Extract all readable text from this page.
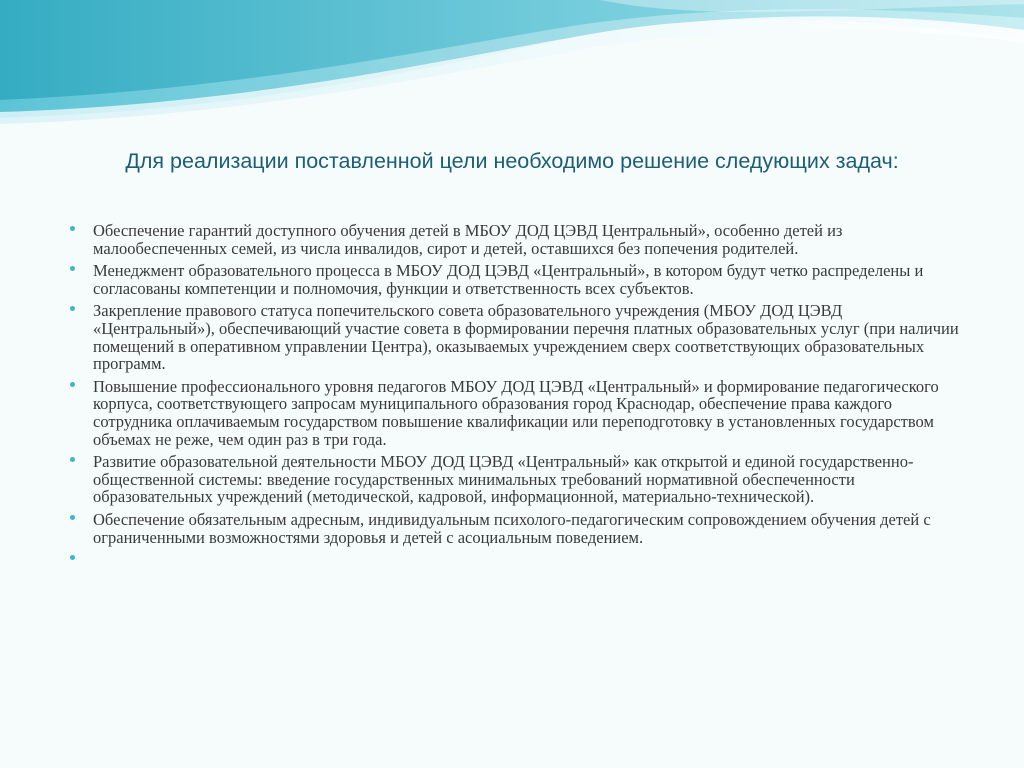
Для реализации поставленной цели необходимо решение следующих задач:
Обеспечение гарантий доступного обучения детей в МБОУ ДОД ЦЭВД Центральный», особенно детей из малообеспеченных семей, из числа инвалидов, сирот и детей, оставшихся без попечения родителей.
Менеджмент образовательного процесса в МБОУ ДОД ЦЭВД «Центральный», в котором будут четко распределены и согласованы компетенции и полномочия, функции и ответственность всех субъектов.
Закрепление правового статуса попечительского совета образовательного учреждения (МБОУ ДОД ЦЭВД «Центральный»), обеспечивающий участие совета в формировании перечня платных образовательных услуг (при наличии помещений в оперативном управлении Центра), оказываемых учреждением сверх соответствующих образовательных программ.
Повышение профессионального уровня педагогов МБОУ ДОД ЦЭВД «Центральный» и формирование педагогического корпуса, соответствующего запросам муниципального образования город Краснодар, обеспечение права каждого сотрудника оплачиваемым государством повышение квалификации или переподготовку в установленных государством объемах не реже, чем один раз в три года.
Развитие образовательной деятельности МБОУ ДОД ЦЭВД «Центральный» как открытой и единой государственно-общественной системы: введение государственных минимальных требований нормативной обеспеченности образовательных учреждений (методической, кадровой, информационной, материально-технической).
Обеспечение обязательным адресным, индивидуальным психолого-педагогическим сопровождением обучения детей с ограниченными возможностями здоровья и детей с асоциальным поведением.
